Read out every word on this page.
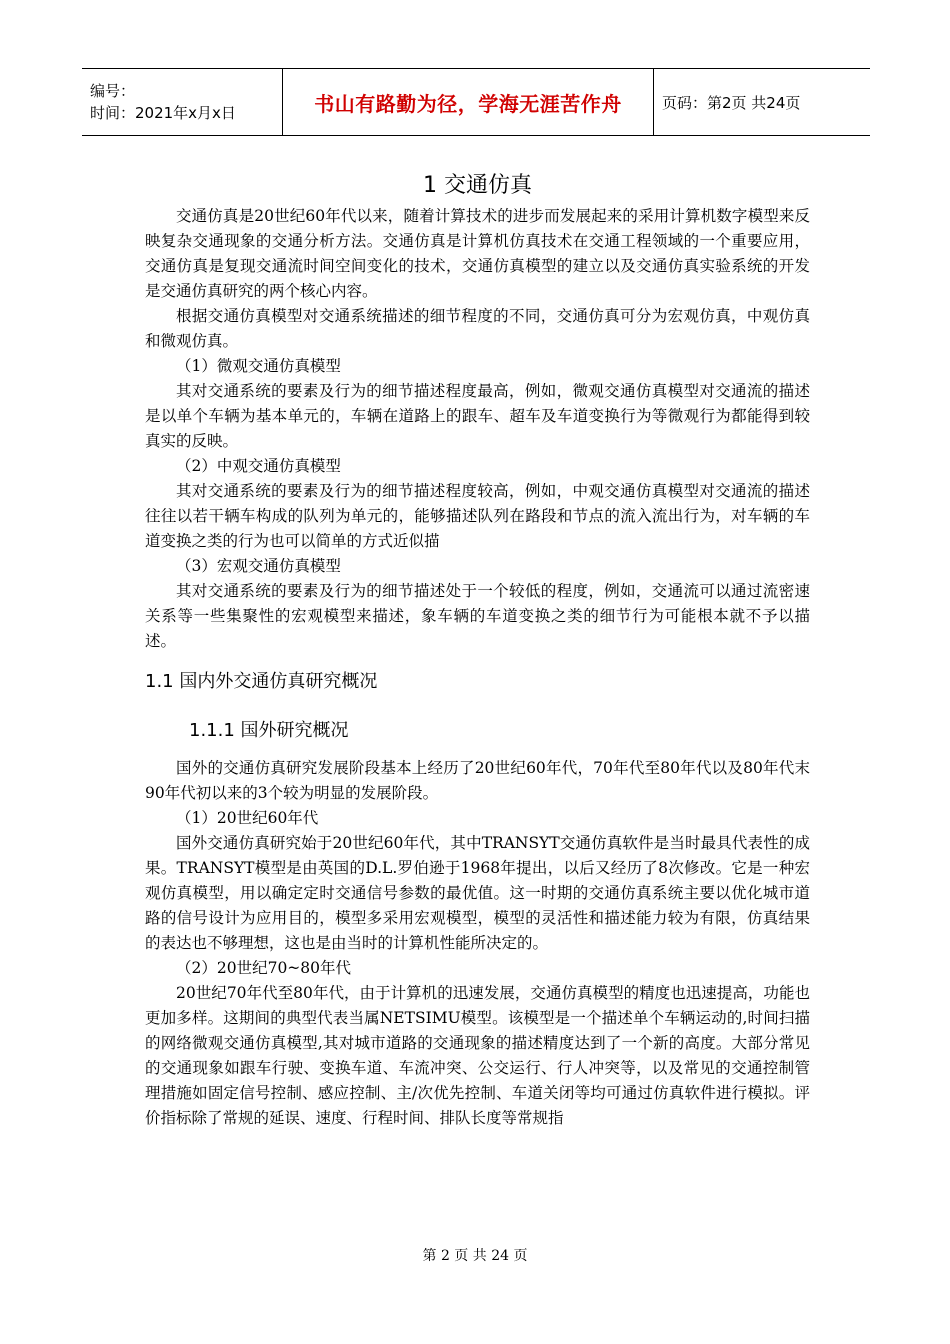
编号：
时间：2021年x月x日	书山有路勤为径，学海无涯苦作舟	页码：第2页 共24页
1 交通仿真

交通仿真是20世纪60年代以来，随着计算技术的进步而发展起来的采用计算机数字模型来反映复杂交通现象的交通分析方法。交通仿真是计算机仿真技术在交通工程领域的一个重要应用，交通仿真是复现交通流时间空间变化的技术，交通仿真模型的建立以及交通仿真实验系统的开发是交通仿真研究的两个核心内容。

根据交通仿真模型对交通系统描述的细节程度的不同，交通仿真可分为宏观仿真，中观仿真和微观仿真。

（1）微观交通仿真模型

其对交通系统的要素及行为的细节描述程度最高，例如，微观交通仿真模型对交通流的描述是以单个车辆为基本单元的，车辆在道路上的跟车、超车及车道变换行为等微观行为都能得到较真实的反映。

（2）中观交通仿真模型

其对交通系统的要素及行为的细节描述程度较高，例如，中观交通仿真模型对交通流的描述往往以若干辆车构成的队列为单元的，能够描述队列在路段和节点的流入流出行为，对车辆的车道变换之类的行为也可以简单的方式近似描

（3）宏观交通仿真模型

其对交通系统的要素及行为的细节描述处于一个较低的程度，例如，交通流可以通过流密速关系等一些集聚性的宏观模型来描述，象车辆的车道变换之类的细节行为可能根本就不予以描述。

1.1 国内外交通仿真研究概况
1.1.1 国外研究概况

国外的交通仿真研究发展阶段基本上经历了20世纪60年代，70年代至80年代以及80年代末90年代初以来的3个较为明显的发展阶段。

（1）20世纪60年代

国外交通仿真研究始于20世纪60年代，其中TRANSYT交通仿真软件是当时最具代表性的成果。TRANSYT模型是由英国的D.L.罗伯逊于1968年提出，以后又经历了8次修改。它是一种宏观仿真模型，用以确定定时交通信号参数的最优值。这一时期的交通仿真系统主要以优化城市道路的信号设计为应用目的，模型多采用宏观模型，模型的灵活性和描述能力较为有限，仿真结果的表达也不够理想，这也是由当时的计算机性能所决定的。

（2）20世纪70~80年代

20世纪70年代至80年代，由于计算机的迅速发展，交通仿真模型的精度也迅速提高，功能也更加多样。这期间的典型代表当属NETSIMU模型。该模型是一个描述单个车辆运动的,时间扫描的网络微观交通仿真模型,其对城市道路的交通现象的描述精度达到了一个新的高度。大部分常见的交通现象如跟车行驶、变换车道、车流冲突、公交运行、行人冲突等，以及常见的交通控制管理措施如固定信号控制、感应控制、主/次优先控制、车道关闭等均可通过仿真软件进行模拟。评价指标除了常规的延误、速度、行程时间、排队长度等常规指

第 2 页 共 24 页
